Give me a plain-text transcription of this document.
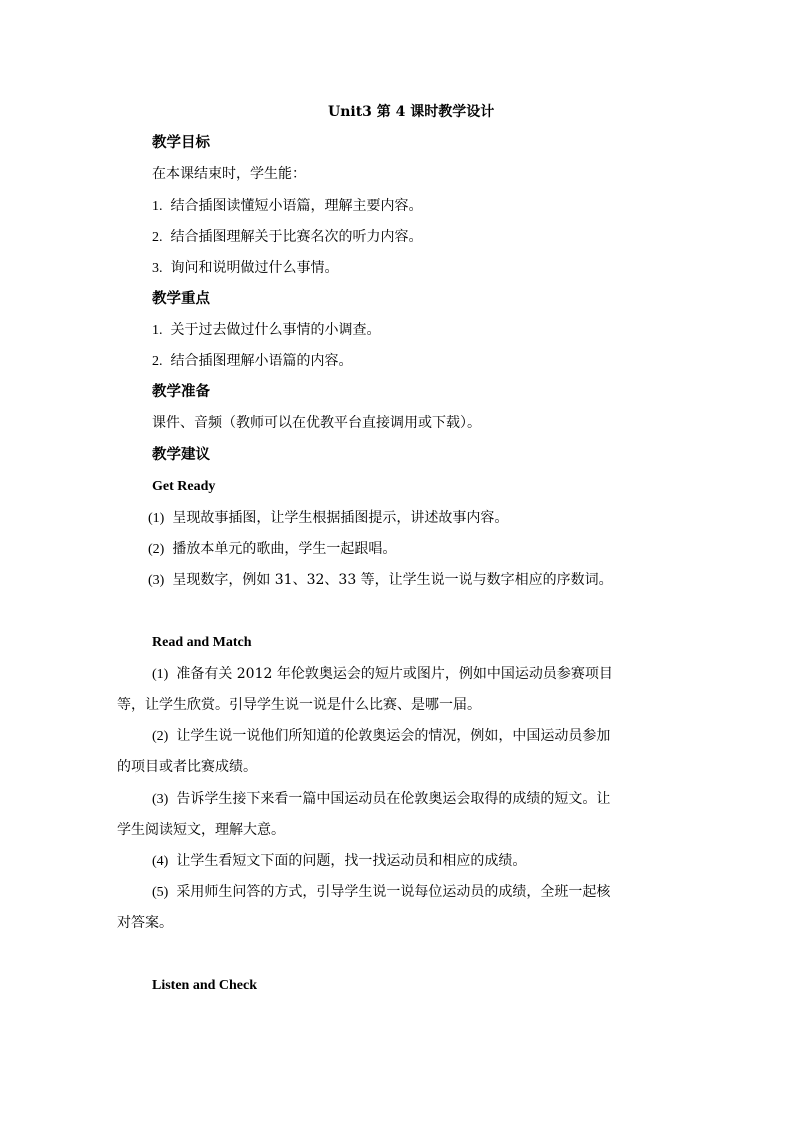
Unit3 第 4 课时教学设计
教学目标
在本课结束时，学生能：
1. 结合插图读懂短小语篇，理解主要内容。
2. 结合插图理解关于比赛名次的听力内容。
3. 询问和说明做过什么事情。
教学重点
1. 关于过去做过什么事情的小调查。
2. 结合插图理解小语篇的内容。
教学准备
课件、音频（教师可以在优教平台直接调用或下载）。
教学建议
Get Ready
(1) 呈现故事插图，让学生根据插图提示，讲述故事内容。
(2) 播放本单元的歌曲，学生一起跟唱。
(3) 呈现数字，例如 31、32、33 等，让学生说一说与数字相应的序数词。
Read and Match
(1) 准备有关 2012 年伦敦奥运会的短片或图片，例如中国运动员参赛项目
等，让学生欣赏。引导学生说一说是什么比赛、是哪一届。
(2) 让学生说一说他们所知道的伦敦奥运会的情况，例如，中国运动员参加
的项目或者比赛成绩。
(3) 告诉学生接下来看一篇中国运动员在伦敦奥运会取得的成绩的短文。让
学生阅读短文，理解大意。
(4) 让学生看短文下面的问题，找一找运动员和相应的成绩。
(5) 采用师生问答的方式，引导学生说一说每位运动员的成绩，全班一起核
对答案。
Listen and Check
